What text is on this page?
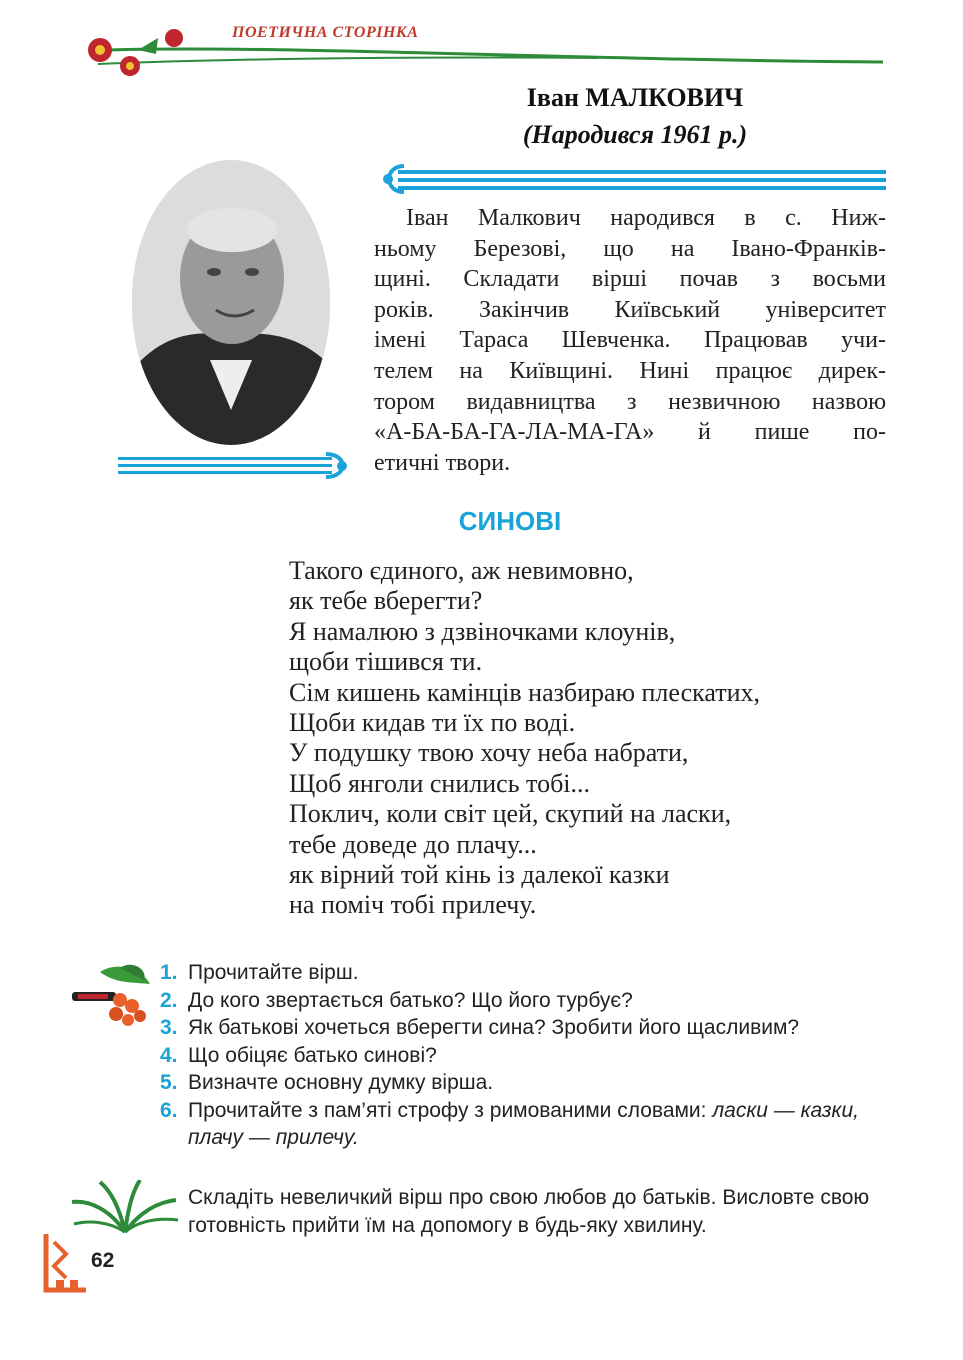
ПОЕТИЧНА СТОРІНКА
Іван МАЛКОВИЧ
(Народився 1961 р.)
Іван Малкович народився в с. Ниж-
ньому Березові, що на Івано-Франків-
щині. Складати вірші почав з восьми
років. Закінчив Київський університет
імені Тараса Шевченка. Працював учи-
телем на Київщині. Нині працює дирек-
тором видавництва з незвичною назвою
«А-БА-БА-ГА-ЛА-МА-ГА» й пише по-
етичні твори.
СИНОВІ
Такого єдиного, аж невимовно,
як тебе вберегти?
Я намалюю з дзвіночками клоунів,
щоби тішився ти.
Сім кишень камінців назбираю плескатих,
Щоби кидав ти їх по воді.
У подушку твою хочу неба набрати,
Щоб янголи снились тобі...
Поклич, коли світ цей, скупий на ласки,
тебе доведе до плачу...
як вірний той кінь із далекої казки
на поміч тобі прилечу.
1. Прочитайте вірш.
2. До кого звертається батько? Що його турбує?
3. Як батькові хочеться вберегти сина? Зробити його щасливим?
4. Що обіцяє батько синові?
5. Визначте основну думку вірша.
6. Прочитайте з пам’яті строфу з римованими словами: ласки — казки, плачу — прилечу.
Складіть невеличкий вірш про свою любов до батьків. Висловте свою готовність прийти їм на допомогу в будь-яку хвилину.
62
